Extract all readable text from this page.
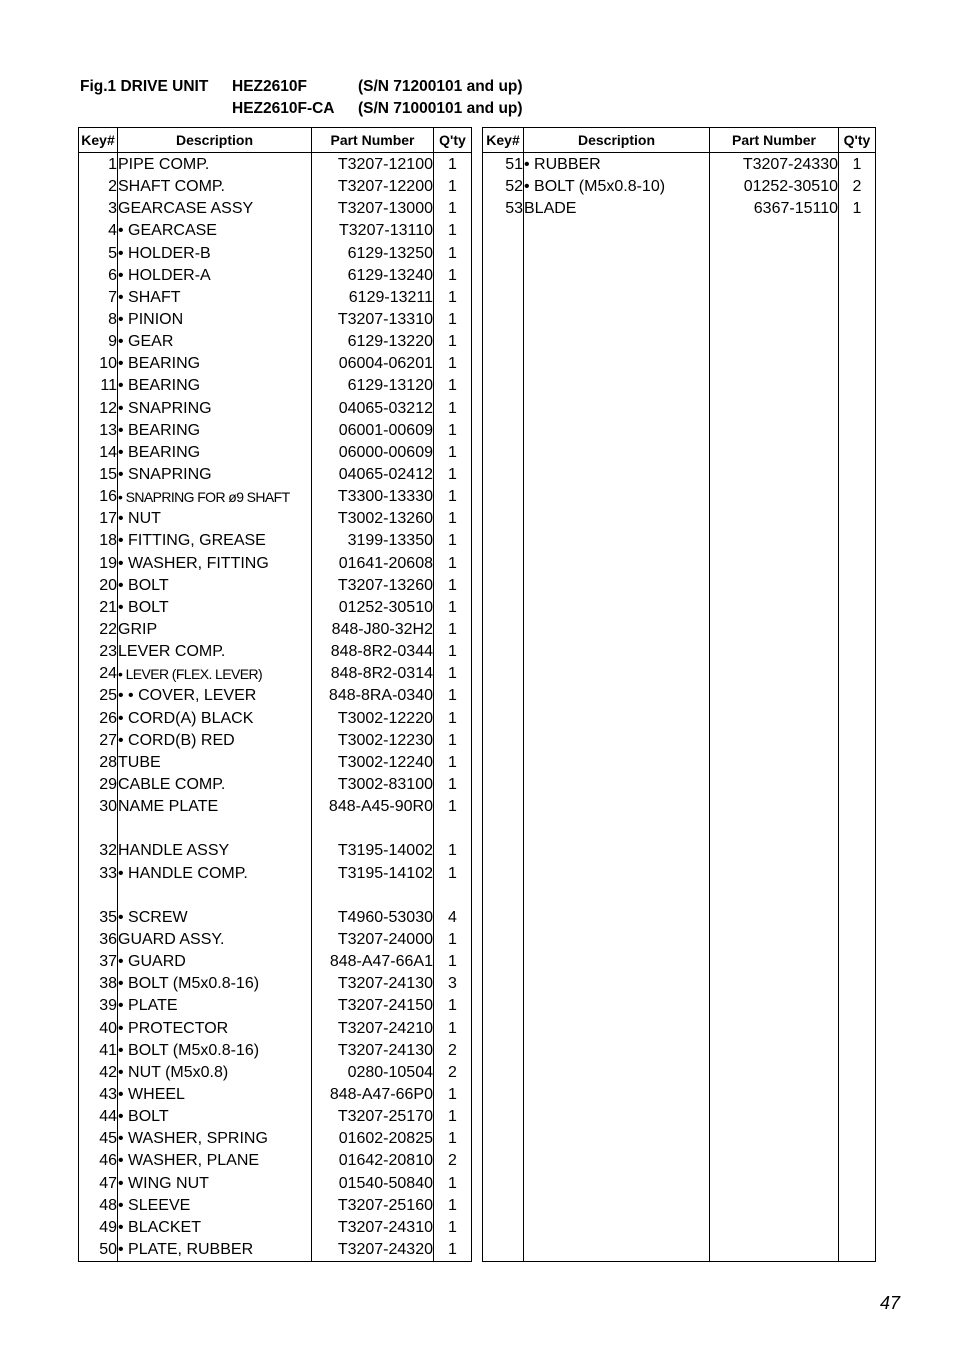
Fig.1 DRIVE UNIT	HEZ2610F	(S/N 71200101 and up)
HEZ2610F-CA	(S/N 71000101 and up)
Key#	Description	Part Number	Q'ty
1	PIPE COMP.	T3207-12100	1
2	SHAFT COMP.	T3207-12200	1
3	GEARCASE ASSY	T3207-13000	1
4	• GEARCASE	T3207-13110	1
5	• HOLDER-B	6129-13250	1
6	• HOLDER-A	6129-13240	1
7	• SHAFT	6129-13211	1
8	• PINION	T3207-13310	1
9	• GEAR	6129-13220	1
10	• BEARING	06004-06201	1
11	• BEARING	6129-13120	1
12	• SNAPRING	04065-03212	1
13	• BEARING	06001-00609	1
14	• BEARING	06000-00609	1
15	• SNAPRING	04065-02412	1
16	• SNAPRING FOR ø9 SHAFT	T3300-13330	1
17	• NUT	T3002-13260	1
18	• FITTING, GREASE	3199-13350	1
19	• WASHER, FITTING	01641-20608	1
20	• BOLT	T3207-13260	1
21	• BOLT	01252-30510	1
22	GRIP	848-J80-32H2	1
23	LEVER COMP.	848-8R2-0344	1
24	• LEVER (FLEX. LEVER)	848-8R2-0314	1
25	• • COVER, LEVER	848-8RA-0340	1
26	• CORD(A) BLACK	T3002-12220	1
27	• CORD(B) RED	T3002-12230	1
28	TUBE	T3002-12240	1
29	CABLE COMP.	T3002-83100	1
30	NAME PLATE	848-A45-90R0	1

32	HANDLE ASSY	T3195-14002	1
33	• HANDLE COMP.	T3195-14102	1

35	• SCREW	T4960-53030	4
36	GUARD ASSY.	T3207-24000	1
37	• GUARD	848-A47-66A1	1
38	• BOLT (M5x0.8-16)	T3207-24130	3
39	• PLATE	T3207-24150	1
40	• PROTECTOR	T3207-24210	1
41	• BOLT (M5x0.8-16)	T3207-24130	2
42	• NUT (M5x0.8)	0280-10504	2
43	• WHEEL	848-A47-66P0	1
44	• BOLT	T3207-25170	1
45	• WASHER, SPRING	01602-20825	1
46	• WASHER, PLANE	01642-20810	2
47	• WING NUT	01540-50840	1
48	• SLEEVE	T3207-25160	1
49	• BLACKET	T3207-24310	1
50	• PLATE, RUBBER	T3207-24320	1
Key#	Description	Part Number	Q'ty
51	• RUBBER	T3207-24330	1
52	• BOLT (M5x0.8-10)	01252-30510	2
53	BLADE	6367-15110	1

47
